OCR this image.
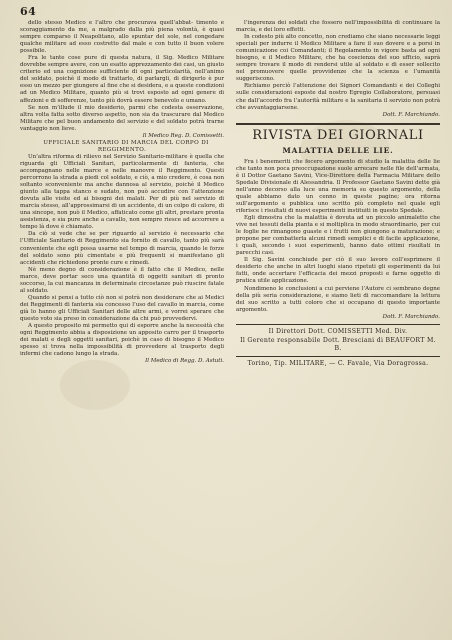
64

dello stesso Medico e l’altro che procurava quell’abbat- timento e scoraggiamento da me, a malgrado dalla più piena volontà, è quasi sempre comparso il Neapolitano, allo spuntar del sole, nel congedare qualche militare ad esso costretto dal male e con tutto il buon volere possibile.

Fra le tante cose pure di questa natura, il Sig. Medico Militare dovrebbe sempre avere, con un esatto apprezzamento dei casi, un giusto criterio ed una cognizione sufficiente di ogni particolarità, nell’animo del soldato, poichè il modo di trattarlo, di parlargli, di dirigerlo è pur esso un mezzo per giungere al fine che si desidera, e a queste condizioni ad un Medico Militare, quanto più si trovi esposto ad ogni genere di affezioni e di sofferenze, tanto più dovrà essere benevolo e umano.

Se non m’illude il mio desiderio, parmi che codesta osservazione, altra volta fatta sotto diverso aspetto, non sia da trascurare dal Medico Militare che pel buon andamento del servizio e del soldato potrà trarne vantaggio non lieve.

Il Medico Reg. D. Comissetti.

UFFICIALE SANITARIO DI MARCIA DEL CORPO DI REGGIMENTO.

Un’altra riforma di rilievo nel Servizio Sanitario-militare è quella che riguarda gli Ufficiali Sanitari, particolarmente di fanteria, che accompagnano nelle marce e nelle manovre il Reggimento. Questi percorrono la strada a piedi col soldato, e ciò, a mio credere, è cosa non soltanto sconveniente ma anche dannosa al servizio, poichè il Medico giunto alla tappa stanco e sudato, non può accudire con l’attenzione dovuta alle visite ed ai bisogni dei malati. Per di più nel servizio di marcia stesso, all’approssimarsi di un accidente, di un colpo di calore, di una sincope, non può il Medico, affaticato come gli altri, prestare pronta assistenza, e sia pure anche a cavallo, non sempre riesce ad accorrere a tempo là dove è chiamato.

Da ciò si vede che se per riguardo al servizio è necessario che l’Ufficiale Sanitario di Reggimento sia fornito di cavallo, tanto più sarà conveniente che egli possa usarne nel tempo di marcia, quando le forze del soldato sono più cimentate e più frequenti si manifestano gli accidenti che richiedono pronte cure e rimedi.

Nè meno degno di considerazione è il fatto che il Medico, nelle marce, deve portar seco una quantità di oggetti sanitari di pronto soccorso, la cui mancanza in determinate circostanze può riuscire fatale al soldato.

Quando si pensi a tutto ciò non si potrà non desiderare che ai Medici dei Reggimenti di fanteria sia concesso l’uso del cavallo in marcia, come già lo hanno gli Ufficiali Sanitari delle altre armi, e vorrei sperare che questo voto sia preso in considerazione da chi può provvedervi.

A questo proposito mi permetto qui di esporre anche la necessità che ogni Reggimento abbia a disposizione un apposito carro per il trasporto dei malati e degli oggetti sanitari, poichè in caso di bisogno il Medico spesso si trova nella impossibilità di provvedere al trasporto degli infermi che cadono lungo la strada.

Il Medico di Regg. D. Astuti.

l’ingerenza dei soldati che fossero nell’impossibilità di continuare la marcia, e dei loro effetti.

In codesto più alto concetto, non crediamo che siano necessarie leggi speciali per indurre il Medico Militare a fare il suo dovere e a porsi in comunicazione coi Comandanti; il Regolamento in vigore basta ad ogni bisogno, e il Medico Militare, che ha coscienza del suo ufficio, saprà sempre trovare il modo di rendersi utile al soldato e di esser sollecito nel promuovere quelle provvidenze che la scienza e l’umanità suggeriscono.

Richiamo perciò l’attenzione dei Signori Comandanti e dei Colleghi sulle considerazioni esposte dal nostro Egregio Collaboratore, persuasi che dall’accordo fra l’autorità militare e la sanitaria il servizio non potrà che avvantaggiarsene.

Dott. F. Marchiando.

RIVISTA DEI GIORNALI
MALATTIA DELLE LIE.

Fra i benemeriti che fecero argomento di studio la malattia delle lie che tanto non poca preoccupazione suole arrecare nelle file dell’armata, è il Dottor Gaetano Savini, Vice-Direttore della Farmacia Militare dello Spedale Divisionale di Alessandria. Il Professor Gaetano Savini dette già nell’anno decorso alla luce una memoria su questo argomento, della quale abbiamo dato un cenno in queste pagine; ora ritorna sull’argomento e pubblica uno scritto più completo nel quale egli riferisce i risultati di nuovi esperimenti instituiti in questo Spedale.

Egli dimostra che la malattia è dovuta ad un piccolo animaletto che vive nei tessuti della pianta e si moltiplica in modo straordinario, per cui le foglie ne rimangono guaste e i frutti non giungono a maturazione; e propone per combatterla alcuni rimedi semplici e di facile applicazione, i quali, secondo i suoi esperimenti, hanno dato ottimi risultati in parecchi casi.

Il Sig. Savini conchiude per ciò il suo lavoro coll’esprimere il desiderio che anche in altri luoghi siano ripetuti gli esperimenti da lui fatti, onde accertare l’efficacia dei mezzi proposti e farne oggetto di pratica utile applicazione.

Nondimeno le conclusioni a cui perviene l’Autore ci sembrano degne della più seria considerazione, e siamo lieti di raccomandare la lettura del suo scritto a tutti coloro che si occupano di questo importante argomento.

Dott. F. Marchiando.

Il Direttori Dott. COMISSETTI Med. Div.

Il Gerente responsabile Dott. Bresciani di BEAUFORT M. B.

Torino, Tip. MILITARE, — C. Favale, Via Doragrossa.
